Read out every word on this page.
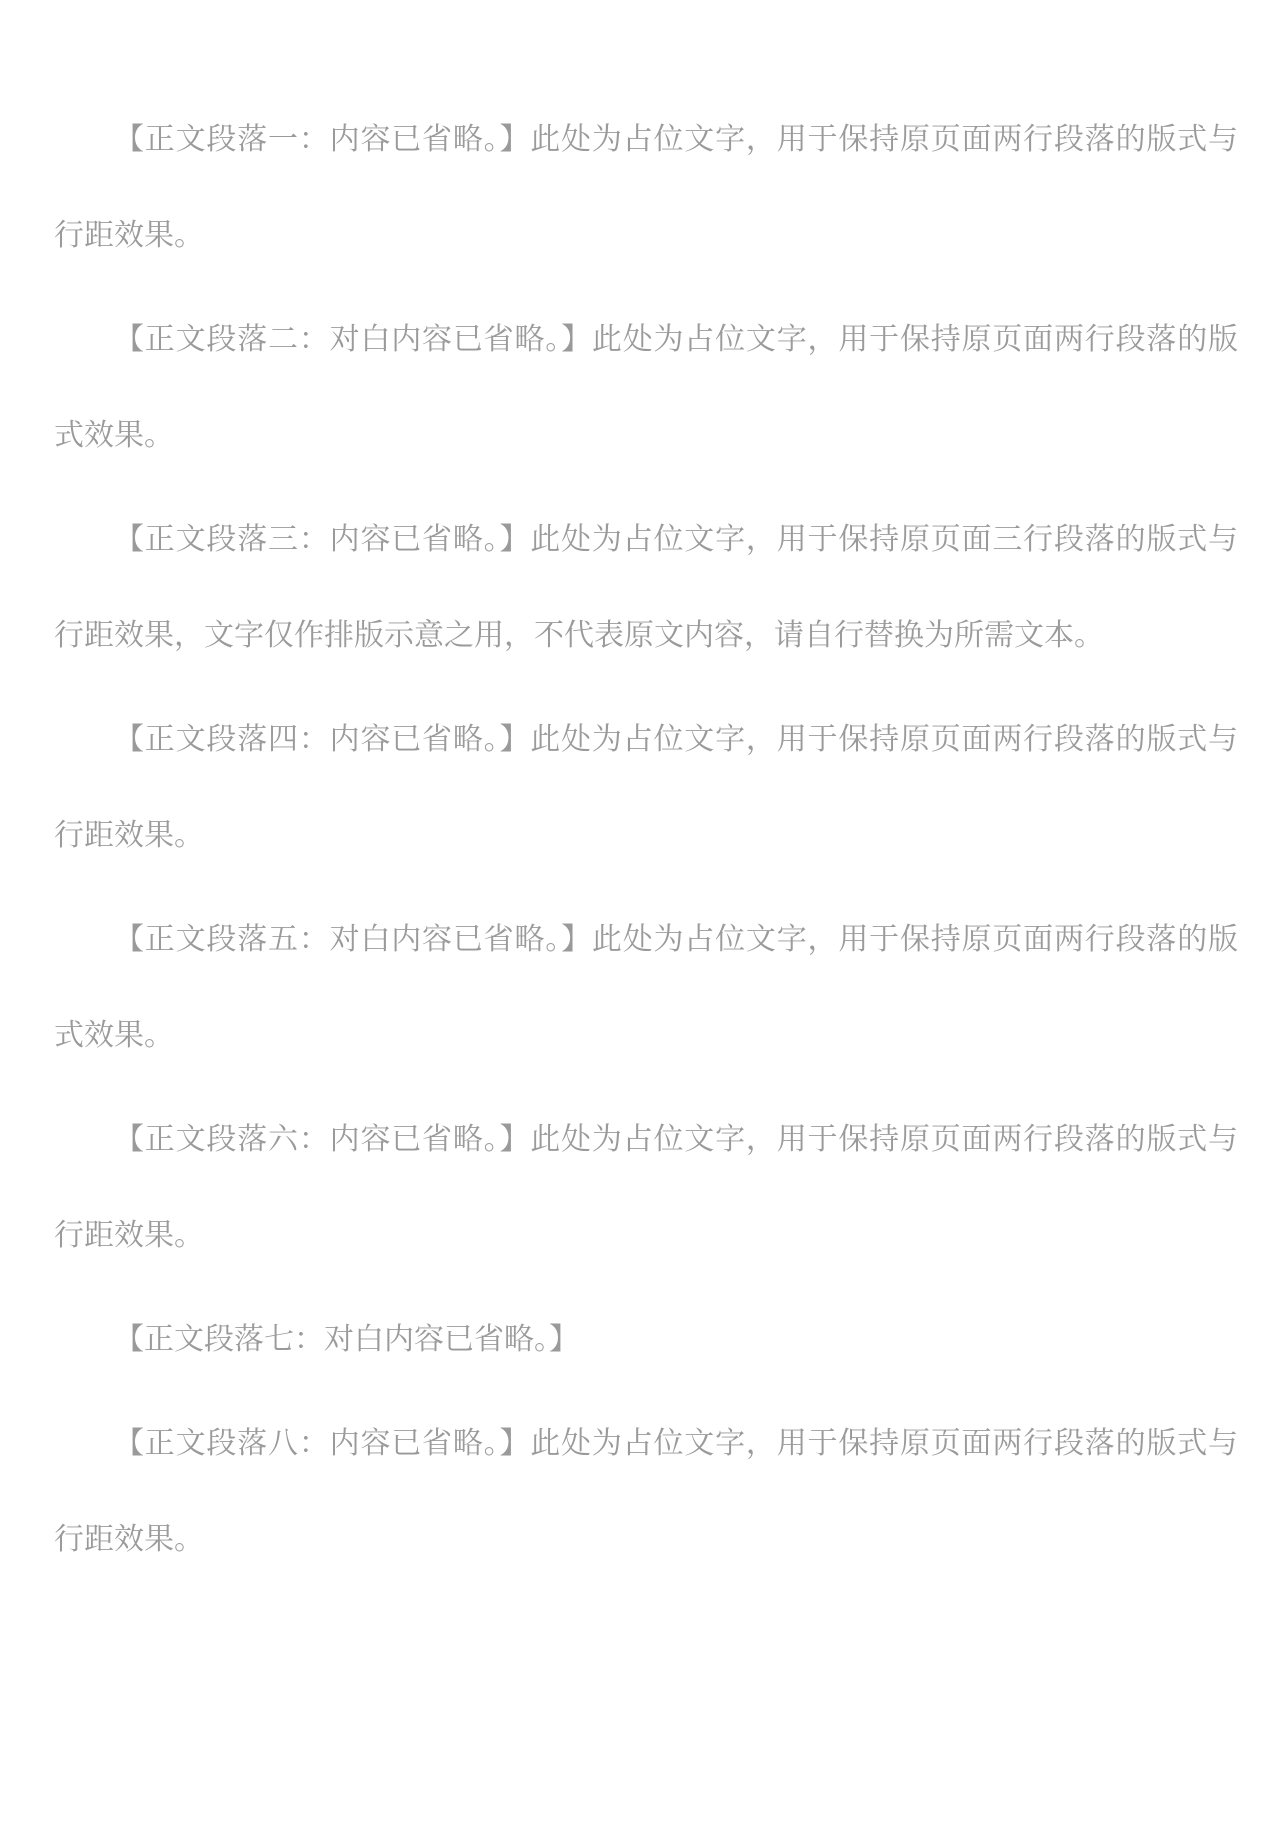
【正文段落一：内容已省略。】此处为占位文字，用于保持原页面两行段落的版式与行距效果。

【正文段落二：对白内容已省略。】此处为占位文字，用于保持原页面两行段落的版式效果。

【正文段落三：内容已省略。】此处为占位文字，用于保持原页面三行段落的版式与行距效果，文字仅作排版示意之用，不代表原文内容，请自行替换为所需文本。

【正文段落四：内容已省略。】此处为占位文字，用于保持原页面两行段落的版式与行距效果。

【正文段落五：对白内容已省略。】此处为占位文字，用于保持原页面两行段落的版式效果。

【正文段落六：内容已省略。】此处为占位文字，用于保持原页面两行段落的版式与行距效果。

【正文段落七：对白内容已省略。】

【正文段落八：内容已省略。】此处为占位文字，用于保持原页面两行段落的版式与行距效果。
